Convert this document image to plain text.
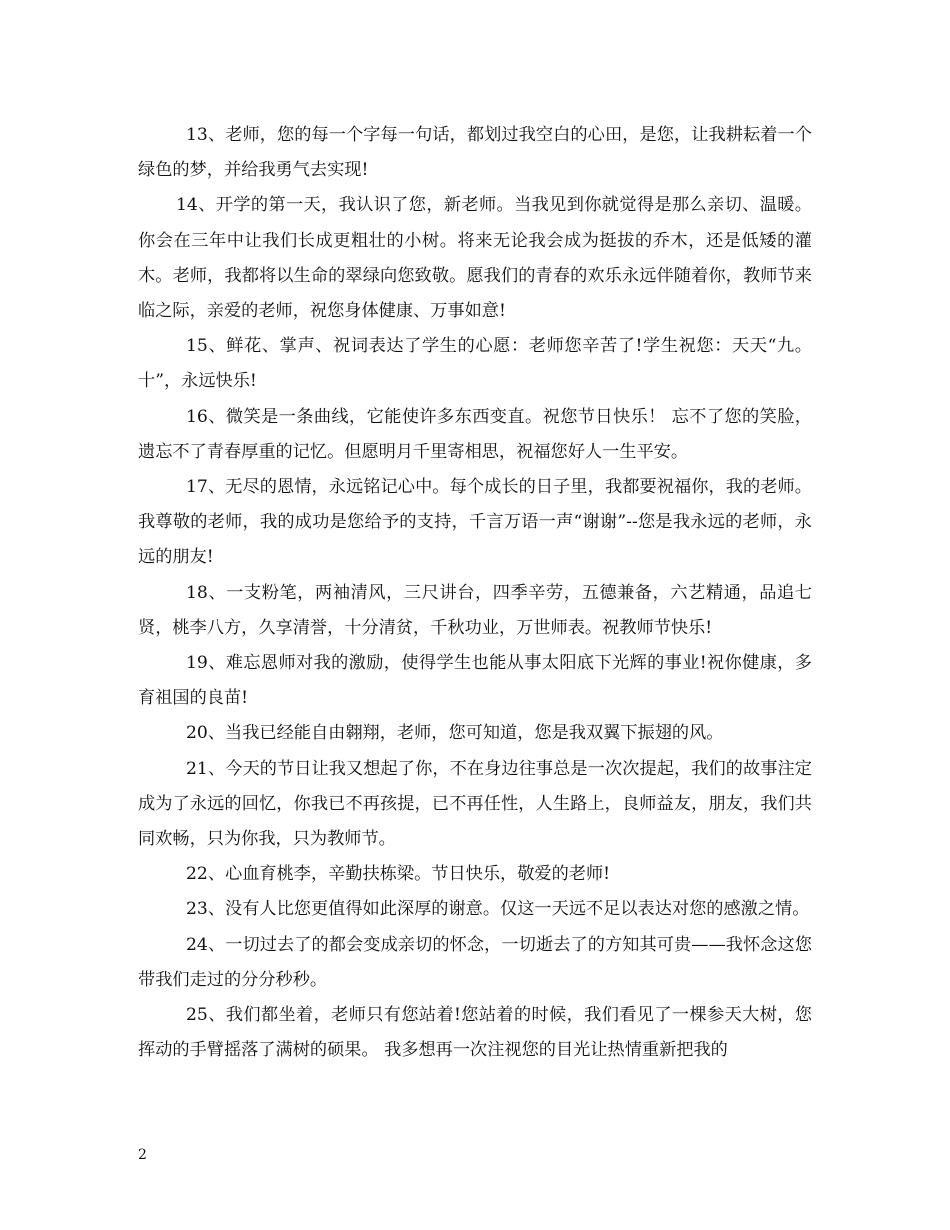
13、老师，您的每一个字每一句话，都划过我空白的心田，是您，让我耕耘着一个绿色的梦，并给我勇气去实现!

14、开学的第一天，我认识了您，新老师。当我见到你就觉得是那么亲切、温暖。你会在三年中让我们长成更粗壮的小树。将来无论我会成为挺拔的乔木，还是低矮的灌木。老师，我都将以生命的翠绿向您致敬。愿我们的青春的欢乐永远伴随着你，教师节来临之际，亲爱的老师，祝您身体健康、万事如意!

15、鲜花、掌声、祝词表达了学生的心愿：老师您辛苦了!学生祝您：天天“九。十”，永远快乐!

16、微笑是一条曲线，它能使许多东西变直。祝您节日快乐！ 忘不了您的笑脸，遗忘不了青春厚重的记忆。但愿明月千里寄相思，祝福您好人一生平安。

17、无尽的恩情，永远铭记心中。每个成长的日子里，我都要祝福你，我的老师。 我尊敬的老师，我的成功是您给予的支持，千言万语一声“谢谢”--您是我永远的老师，永远的朋友!

18、一支粉笔，两袖清风，三尺讲台，四季辛劳，五德兼备，六艺精通，品追七贤，桃李八方，久享清誉，十分清贫，千秋功业，万世师表。祝教师节快乐!

19、难忘恩师对我的激励，使得学生也能从事太阳底下光辉的事业!祝你健康，多育祖国的良苗!

20、当我已经能自由翱翔，老师，您可知道，您是我双翼下振翅的风。

21、今天的节日让我又想起了你，不在身边往事总是一次次提起，我们的故事注定成为了永远的回忆，你我已不再孩提，已不再任性，人生路上，良师益友，朋友，我们共同欢畅，只为你我，只为教师节。

22、心血育桃李，辛勤扶栋梁。节日快乐，敬爱的老师!

23、没有人比您更值得如此深厚的谢意。仅这一天远不足以表达对您的感激之情。

24、一切过去了的都会变成亲切的怀念，一切逝去了的方知其可贵——我怀念这您带我们走过的分分秒秒。

25、我们都坐着，老师只有您站着!您站着的时候，我们看见了一棵参天大树，您挥动的手臂摇落了满树的硕果。 我多想再一次注视您的目光让热情重新把我的

2
